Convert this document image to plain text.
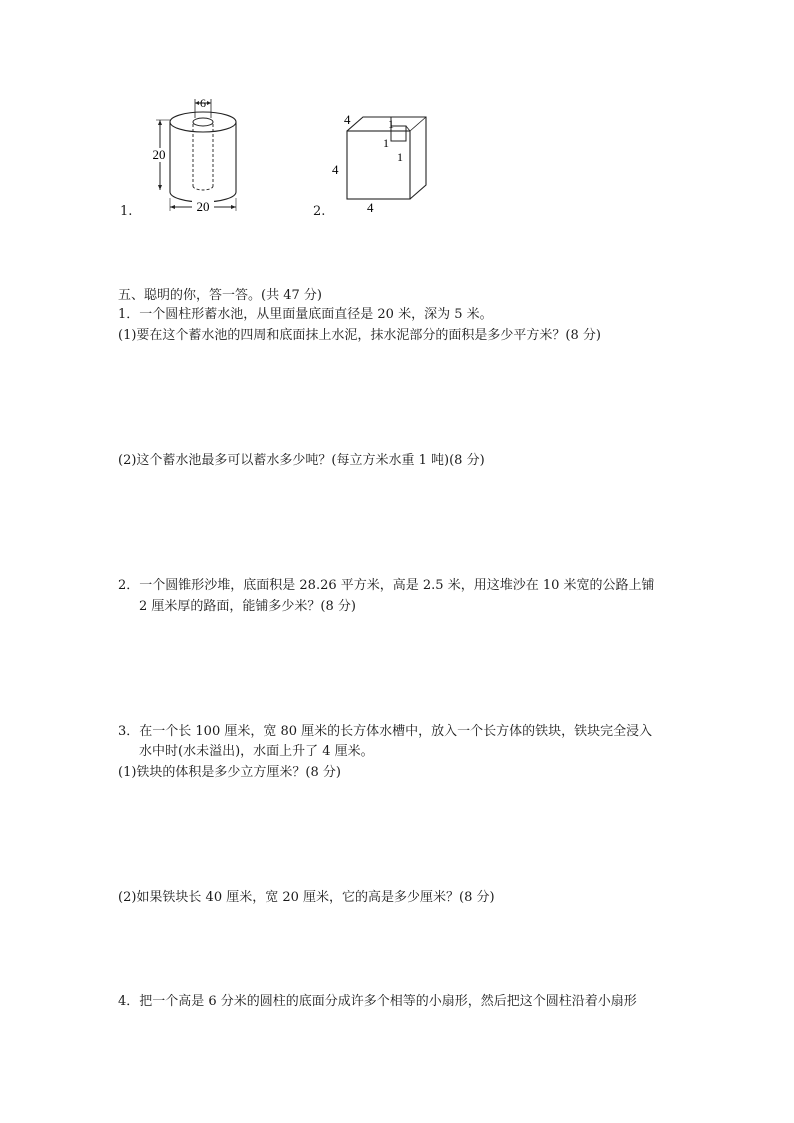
1.
6
20
20	2.
4	1
1
1
4
4
五、聪明的你，答一答。(共 47 分)
1．一个圆柱形蓄水池，从里面量底面直径是 20 米，深为 5 米。
(1)要在这个蓄水池的四周和底面抹上水泥，抹水泥部分的面积是多少平方米？(8 分)
(2)这个蓄水池最多可以蓄水多少吨？(每立方米水重 1 吨)(8 分)
2．一个圆锥形沙堆，底面积是 28.26 平方米，高是 2.5 米，用这堆沙在 10 米宽的公路上铺
2 厘米厚的路面，能铺多少米？(8 分)
3．在一个长 100 厘米，宽 80 厘米的长方体水槽中，放入一个长方体的铁块，铁块完全浸入
水中时(水未溢出)，水面上升了 4 厘米。
(1)铁块的体积是多少立方厘米？(8 分)
(2)如果铁块长 40 厘米，宽 20 厘米，它的高是多少厘米？(8 分)
4．把一个高是 6 分米的圆柱的底面分成许多个相等的小扇形，然后把这个圆柱沿着小扇形
